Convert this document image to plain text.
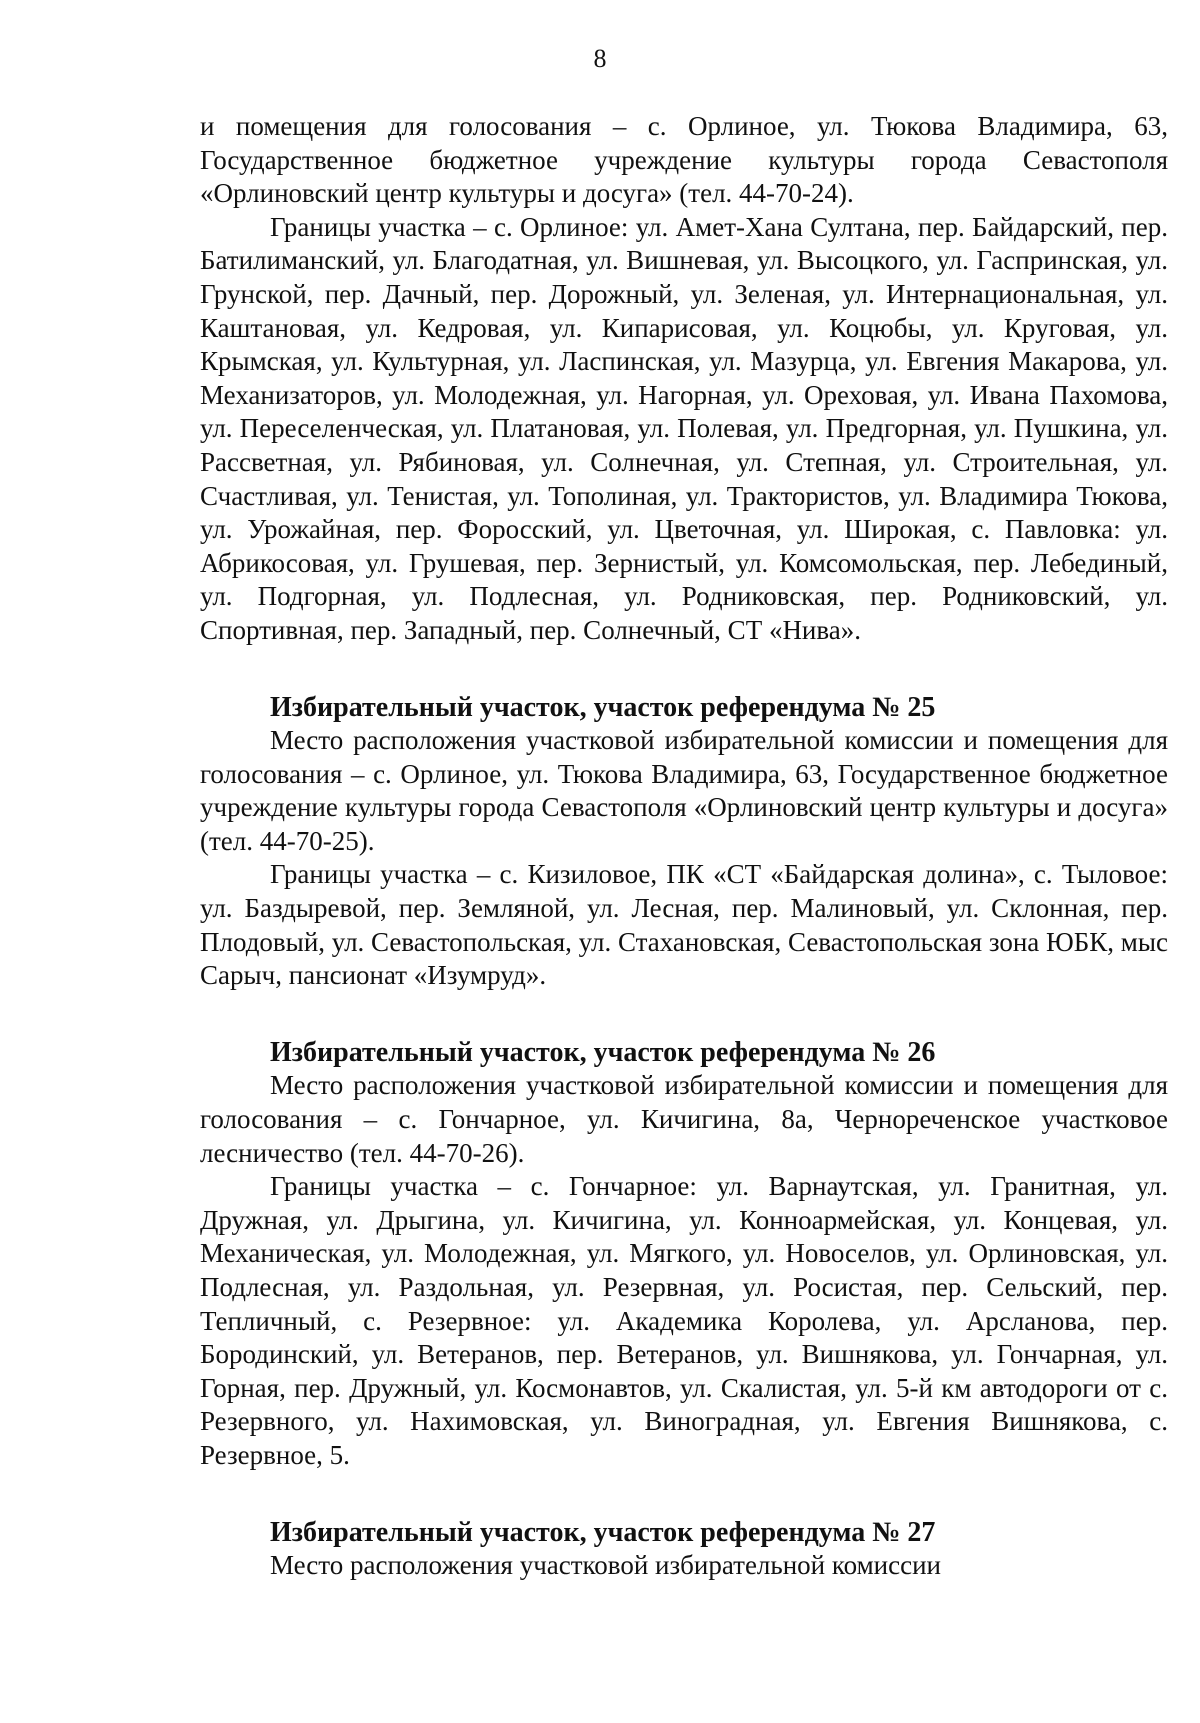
8

и помещения для голосования – с. Орлиное, ул. Тюкова Владимира, 63, Государственное бюджетное учреждение культуры города Севастополя «Орлиновский центр культуры и досуга» (тел. 44-70-24).

Границы участка – с. Орлиное: ул. Амет-Хана Султана, пер. Байдарский, пер. Батилиманский, ул. Благодатная, ул. Вишневая, ул. Высоцкого, ул. Гаспринская, ул. Грунской, пер. Дачный, пер. Дорожный, ул. Зеленая, ул. Интернациональная, ул. Каштановая, ул. Кедровая, ул. Кипарисовая, ул. Коцюбы, ул. Круговая, ул. Крымская, ул. Культурная, ул. Ласпинская, ул. Мазурца, ул. Евгения Макарова, ул. Механизаторов, ул. Молодежная, ул. Нагорная, ул. Ореховая, ул. Ивана Пахомова, ул. Переселенческая, ул. Платановая, ул. Полевая, ул. Предгорная, ул. Пушкина, ул. Рассветная, ул. Рябиновая, ул. Солнечная, ул. Степная, ул. Строительная, ул. Счастливая, ул. Тенистая, ул. Тополиная, ул. Трактористов, ул. Владимира Тюкова, ул. Урожайная, пер. Форосский, ул. Цветочная, ул. Широкая, с. Павловка: ул. Абрикосовая, ул. Грушевая, пер. Зернистый, ул. Комсомольская, пер. Лебединый, ул. Подгорная, ул. Подлесная, ул. Родниковская, пер. Родниковский, ул. Спортивная, пер. Западный, пер. Солнечный, СТ «Нива».

Избирательный участок, участок референдума № 25

Место расположения участковой избирательной комиссии и помещения для голосования – с. Орлиное, ул. Тюкова Владимира, 63, Государственное бюджетное учреждение культуры города Севастополя «Орлиновский центр культуры и досуга» (тел. 44-70-25).

Границы участка – с. Кизиловое, ПК «СТ «Байдарская долина», с. Тыловое: ул. Баздыревой, пер. Земляной, ул. Лесная, пер. Малиновый, ул. Склонная, пер. Плодовый, ул. Севастопольская, ул. Стахановская, Севастопольская зона ЮБК, мыс Сарыч, пансионат «Изумруд».

Избирательный участок, участок референдума № 26

Место расположения участковой избирательной комиссии и помещения для голосования – с. Гончарное, ул. Кичигина, 8а, Чернореченское участковое лесничество (тел. 44-70-26).

Границы участка – с. Гончарное: ул. Варнаутская, ул. Гранитная, ул. Дружная, ул. Дрыгина, ул. Кичигина, ул. Конноармейская, ул. Концевая, ул. Механическая, ул. Молодежная, ул. Мягкого, ул. Новоселов, ул. Орлиновская, ул. Подлесная, ул. Раздольная, ул. Резервная, ул. Росистая, пер. Сельский, пер. Тепличный, с. Резервное: ул. Академика Королева, ул. Арсланова, пер. Бородинский, ул. Ветеранов, пер. Ветеранов, ул. Вишнякова, ул. Гончарная, ул. Горная, пер. Дружный, ул. Космонавтов, ул. Скалистая, ул. 5-й км автодороги от с. Резервного, ул. Нахимовская, ул. Виноградная, ул. Евгения Вишнякова, с. Резервное, 5.

Избирательный участок, участок референдума № 27

Место расположения участковой избирательной комиссии
